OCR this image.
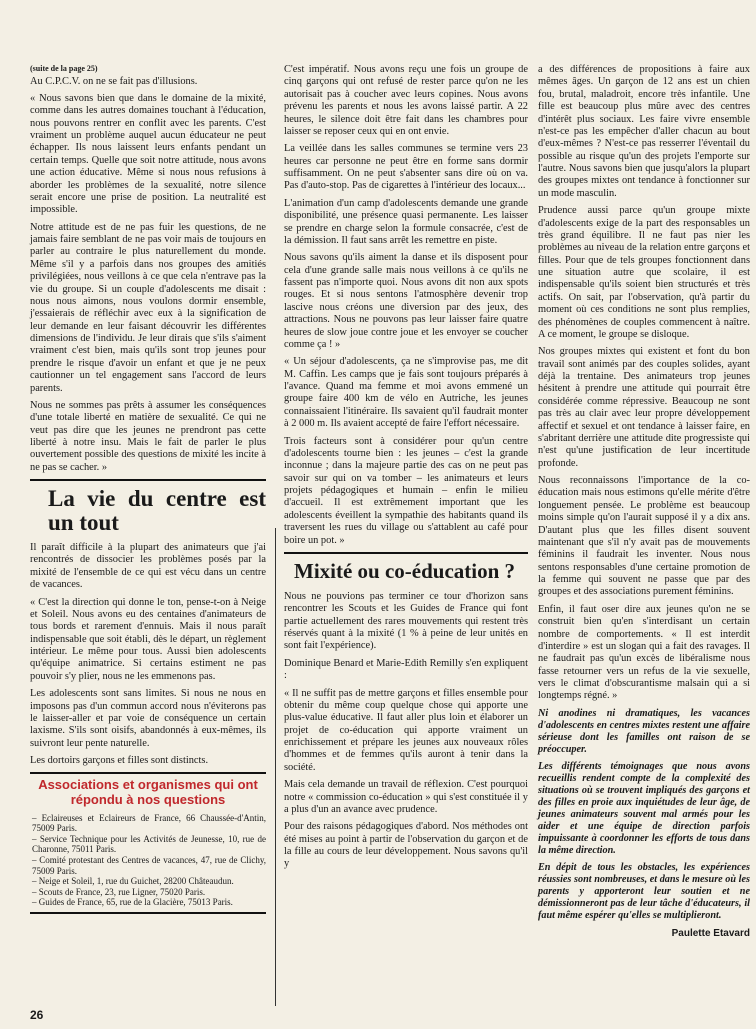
(suite de la page 25)

Au C.P.C.V. on ne se fait pas d'illusions.

« Nous savons bien que dans le domaine de la mixité, comme dans les autres domaines touchant à l'éducation, nous pouvons rentrer en conflit avec les parents. C'est vraiment un problème auquel aucun éducateur ne peut échapper. Ils nous laissent leurs enfants pendant un certain temps. Quelle que soit notre attitude, nous avons une action éducative. Même si nous nous refusions à aborder les problèmes de la sexualité, notre silence serait encore une prise de position. La neutralité est impossible.

Notre attitude est de ne pas fuir les questions, de ne jamais faire semblant de ne pas voir mais de toujours en parler au contraire le plus naturellement du monde. Même s'il y a parfois dans nos groupes des amitiés privilégiées, nous veillons à ce que cela n'entrave pas la vie du groupe. Si un couple d'adolescents me disait : nous nous aimons, nous voulons dormir ensemble, j'essaierais de réfléchir avec eux à la signification de leur demande en leur faisant découvrir les différentes dimensions de l'individu. Je leur dirais que s'ils s'aiment vraiment c'est bien, mais qu'ils sont trop jeunes pour prendre le risque d'avoir un enfant et que je ne peux cautionner un tel engagement sans l'accord de leurs parents.

Nous ne sommes pas prêts à assumer les conséquences d'une totale liberté en matière de sexualité. Ce qui ne veut pas dire que les jeunes ne prendront pas cette liberté à notre insu. Mais le fait de parler le plus ouvertement possible des questions de mixité les incite à ne pas se cacher. »

La vie du centre est un tout

Il paraît difficile à la plupart des animateurs que j'ai rencontrés de dissocier les problèmes posés par la mixité de l'ensemble de ce qui est vécu dans un centre de vacances.

« C'est la direction qui donne le ton, pense-t-on à Neige et Soleil. Nous avons eu des centaines d'animateurs de tous bords et rarement d'ennuis. Mais il nous paraît indispensable que soit établi, dès le départ, un règlement intérieur. Le même pour tous. Aussi bien adolescents qu'équipe animatrice. Si certains estiment ne pas pouvoir s'y plier, nous ne les emmenons pas.

Les adolescents sont sans limites. Si nous ne nous en imposons pas d'un commun accord nous n'éviterons pas le laisser-aller et par voie de conséquence un certain laxisme. S'ils sont oisifs, abandonnés à eux-mêmes, ils suivront leur pente naturelle.

Les dortoirs garçons et filles sont distincts.

Associations et organismes qui ont répondu à nos questions
– Eclaireuses et Eclaireurs de France, 66 Chaussée-d'Antin, 75009 Paris.
– Service Technique pour les Activités de Jeunesse, 10, rue de Charonne, 75011 Paris.
– Comité protestant des Centres de vacances, 47, rue de Clichy, 75009 Paris.
– Neige et Soleil, 1, rue du Guichet, 28200 Châteaudun.
– Scouts de France, 23, rue Ligner, 75020 Paris.
– Guides de France, 65, rue de la Glacière, 75013 Paris.

C'est impératif. Nous avons reçu une fois un groupe de cinq garçons qui ont refusé de rester parce qu'on ne les autorisait pas à coucher avec leurs copines. Nous avons prévenu les parents et nous les avons laissé partir. A 22 heures, le silence doit être fait dans les chambres pour laisser se reposer ceux qui en ont envie.

La veillée dans les salles communes se termine vers 23 heures car personne ne peut être en forme sans dormir suffisamment. On ne peut s'absenter sans dire où on va. Pas d'auto-stop. Pas de cigarettes à l'intérieur des locaux...

L'animation d'un camp d'adolescents demande une grande disponibilité, une présence quasi permanente. Les laisser se prendre en charge selon la formule consacrée, c'est de la démission. Il faut sans arrêt les remettre en piste.

Nous savons qu'ils aiment la danse et ils disposent pour cela d'une grande salle mais nous veillons à ce qu'ils ne fassent pas n'importe quoi. Nous avons dit non aux spots rouges. Et si nous sentons l'atmosphère devenir trop lascive nous créons une diversion par des jeux, des attractions. Nous ne pouvons pas leur laisser faire quatre heures de slow joue contre joue et les envoyer se coucher comme ça ! »

« Un séjour d'adolescents, ça ne s'improvise pas, me dit M. Caffin. Les camps que je fais sont toujours préparés à l'avance. Quand ma femme et moi avons emmené un groupe faire 400 km de vélo en Autriche, les jeunes connaissaient l'itinéraire. Ils savaient qu'il faudrait monter à 2 000 m. Ils avaient accepté de faire l'effort nécessaire.

Trois facteurs sont à considérer pour qu'un centre d'adolescents tourne bien : les jeunes – c'est la grande inconnue ; dans la majeure partie des cas on ne peut pas savoir sur qui on va tomber – les animateurs et leurs projets pédagogiques et humain – enfin le milieu d'accueil. Il est extrêmement important que les adolescents éveillent la sympathie des habitants quand ils traversent les rues du village ou s'attablent au café pour boire un pot. »

Mixité ou co-éducation ?

Nous ne pouvions pas terminer ce tour d'horizon sans rencontrer les Scouts et les Guides de France qui font partie actuellement des rares mouvements qui restent très réservés quant à la mixité (1 % à peine de leur unités en sont fait l'expérience).

Dominique Benard et Marie-Edith Remilly s'en expliquent :

« Il ne suffit pas de mettre garçons et filles ensemble pour obtenir du même coup quelque chose qui apporte une plus-value éducative. Il faut aller plus loin et élaborer un projet de co-éducation qui apporte vraiment un enrichissement et prépare les jeunes aux nouveaux rôles d'hommes et de femmes qu'ils auront à tenir dans la société.

Mais cela demande un travail de réflexion. C'est pourquoi notre « commission co-éducation » qui s'est constituée il y a plus d'un an avance avec prudence.

Pour des raisons pédagogiques d'abord. Nos méthodes ont été mises au point à partir de l'observation du garçon et de la fille au cours de leur développement. Nous savons qu'il y

a des différences de propositions à faire aux mêmes âges. Un garçon de 12 ans est un chien fou, brutal, maladroit, encore très infantile. Une fille est beaucoup plus mûre avec des centres d'intérêt plus sociaux. Les faire vivre ensemble n'est-ce pas les empêcher d'aller chacun au bout d'eux-mêmes ? N'est-ce pas resserrer l'éventail du possible au risque qu'un des projets l'emporte sur l'autre. Nous savons bien que jusqu'alors la plupart des groupes mixtes ont tendance à fonctionner sur un mode masculin.

Prudence aussi parce qu'un groupe mixte d'adolescents exige de la part des responsables un très grand équilibre. Il ne faut pas nier les problèmes au niveau de la relation entre garçons et filles. Pour que de tels groupes fonctionnent dans une situation autre que scolaire, il est indispensable qu'ils soient bien structurés et très actifs. On sait, par l'observation, qu'à partir du moment où ces conditions ne sont plus remplies, des phénomènes de couples commencent à naître. A ce moment, le groupe se disloque.

Nos groupes mixtes qui existent et font du bon travail sont animés par des couples solides, ayant déjà la trentaine. Des animateurs trop jeunes hésitent à prendre une attitude qui pourrait être considérée comme répressive. Beaucoup ne sont pas très au clair avec leur propre développement affectif et sexuel et ont tendance à laisser faire, en s'abritant derrière une attitude dite progressiste qui n'est qu'une justification de leur incertitude profonde.

Nous reconnaissons l'importance de la co-éducation mais nous estimons qu'elle mérite d'être longuement pensée. Le problème est beaucoup moins simple qu'on l'aurait supposé il y a dix ans. D'autant plus que les filles disent souvent maintenant que s'il n'y avait pas de mouvements féminins il faudrait les inventer. Nous nous sentons responsables d'une certaine promotion de la femme qui souvent ne passe que par des groupes et des associations purement féminins.

Enfin, il faut oser dire aux jeunes qu'on ne se construit bien qu'en s'interdisant un certain nombre de comportements. « Il est interdit d'interdire » est un slogan qui a fait des ravages. Il ne faudrait pas qu'un excès de libéralisme nous fasse retourner vers un refus de la vie sexuelle, vers le climat d'obscurantisme malsain qui a si longtemps régné. »

Ni anodines ni dramatiques, les vacances d'adolescents en centres mixtes restent une affaire sérieuse dont les familles ont raison de se préoccuper.

Les différents témoignages que nous avons recueillis rendent compte de la complexité des situations où se trouvent impliqués des garçons et des filles en proie aux inquiétudes de leur âge, de jeunes animateurs souvent mal armés pour les aider et une équipe de direction parfois impuissante à coordonner les efforts de tous dans la même direction.

En dépit de tous les obstacles, les expériences réussies sont nombreuses, et dans le mesure où les parents y apporteront leur soutien et ne démissionneront pas de leur tâche d'éducateurs, il faut même espérer qu'elles se multiplieront.

Paulette Etavard
26
